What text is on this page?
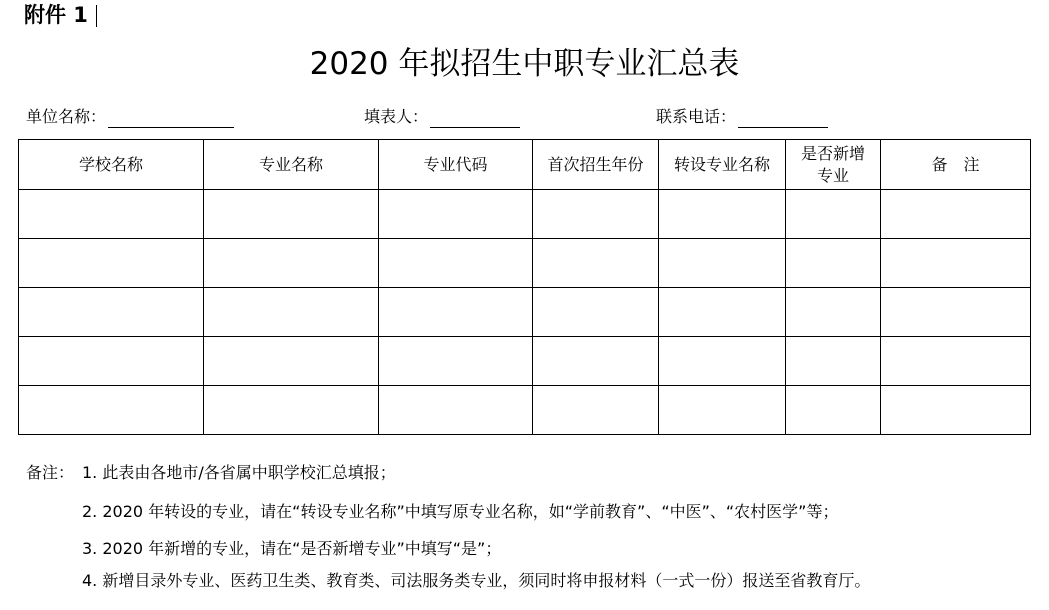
附件 1
2020 年拟招生中职专业汇总表
单位名称：	填表人：	联系电话：
学校名称	专业名称	专业代码	首次招生年份	转设专业名称	是否新增专业	备　注

备注： 1. 此表由各地市/各省属中职学校汇总填报；
2. 2020 年转设的专业，请在“转设专业名称”中填写原专业名称，如“学前教育”、“中医”、“农村医学”等；
3. 2020 年新增的专业，请在“是否新增专业”中填写“是”；
4. 新增目录外专业、医药卫生类、教育类、司法服务类专业，须同时将申报材料（一式一份）报送至省教育厅。
